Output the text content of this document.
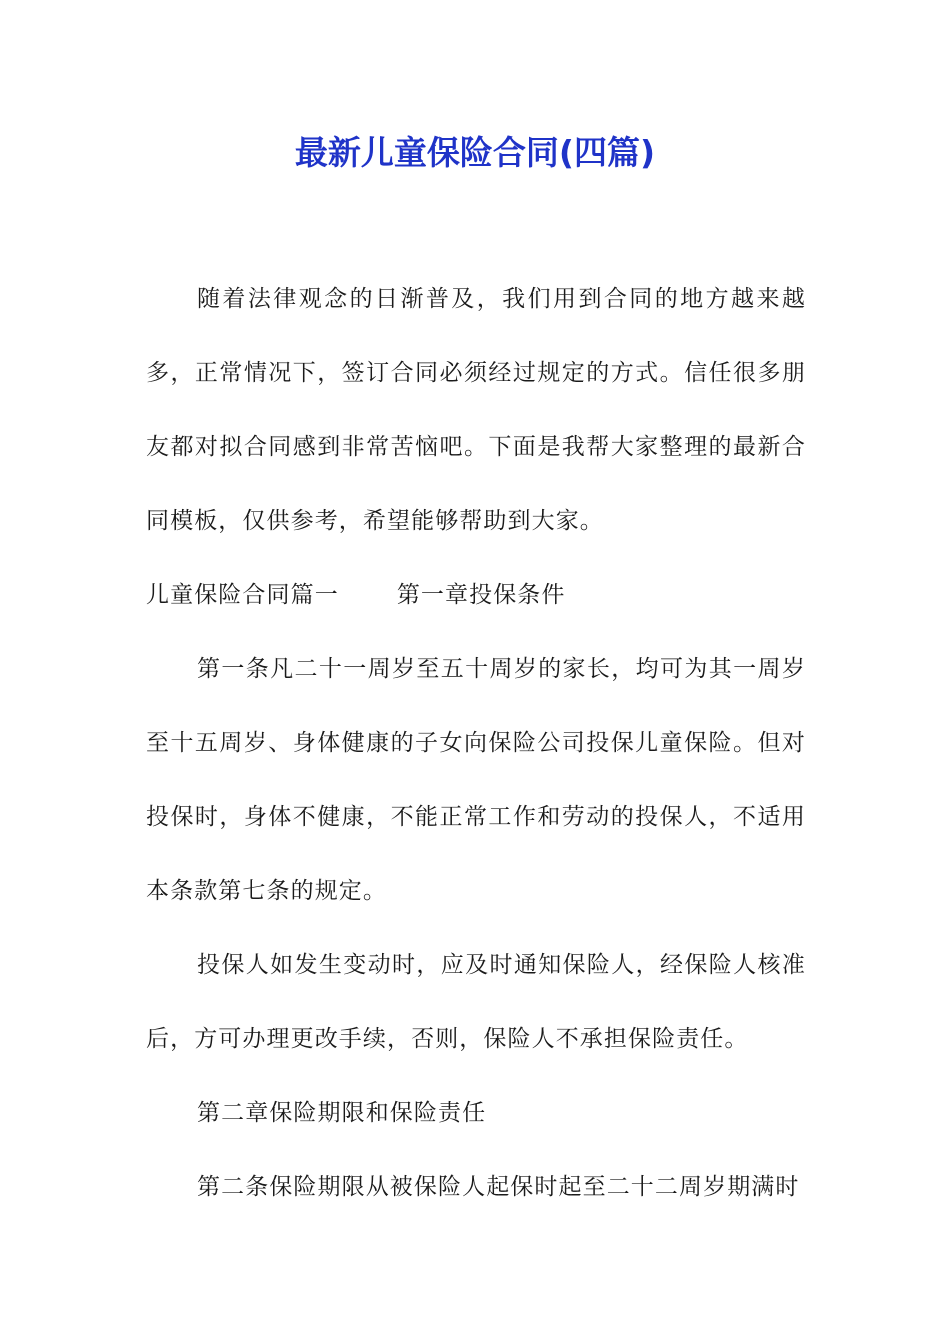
最新儿童保险合同(四篇)

随着法律观念的日渐普及，我们用到合同的地方越来越多，正常情况下，签订合同必须经过规定的方式。信任很多朋友都对拟合同感到非常苦恼吧。下面是我帮大家整理的最新合同模板，仅供参考，希望能够帮助到大家。

儿童保险合同篇一	第一章投保条件

第一条凡二十一周岁至五十周岁的家长，均可为其一周岁至十五周岁、身体健康的子女向保险公司投保儿童保险。但对投保时，身体不健康，不能正常工作和劳动的投保人，不适用本条款第七条的规定。

投保人如发生变动时，应及时通知保险人，经保险人核准后，方可办理更改手续，否则，保险人不承担保险责任。

第二章保险期限和保险责任

第二条保险期限从被保险人起保时起至二十二周岁期满时
